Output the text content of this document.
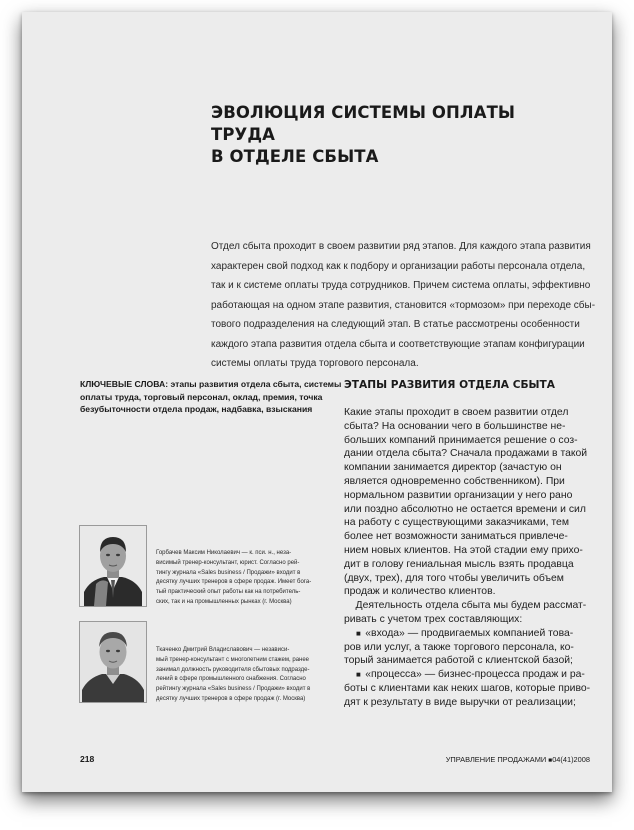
ЭВОЛЮЦИЯ СИСТЕМЫ ОПЛАТЫ ТРУДА
В ОТДЕЛЕ СБЫТА
Отдел сбыта проходит в своем развитии ряд этапов. Для каждого этапа развития
характерен свой подход как к подбору и организации работы персонала отдела,
так и к системе оплаты труда сотрудников. Причем система оплаты, эффективно
работающая на одном этапе развития, становится «тормозом» при переходе сбы-
тового подразделения на следующий этап. В статье рассмотрены особенности
каждого этапа развития отдела сбыта и соответствующие этапам конфигурации
системы оплаты труда торгового персонала.
КЛЮЧЕВЫЕ СЛОВА: этапы развития отдела сбыта, системы
оплаты труда, торговый персонал, оклад, премия, точка
безубыточности отдела продаж, надбавка, взыскания
ЭТАПЫ РАЗВИТИЯ ОТДЕЛА СБЫТА
Какие этапы проходит в своем развитии отдел
сбыта? На основании чего в большинстве не-
больших компаний принимается решение о соз-
дании отдела сбыта? Сначала продажами в такой
компании занимается директор (зачастую он
является одновременно собственником). При
нормальном развитии организации у него рано
или поздно абсолютно не остается времени и сил
на работу с существующими заказчиками, тем
более нет возможности заниматься привлече-
нием новых клиентов. На этой стадии ему прихо-
дит в голову гениальная мысль взять продавца
(двух, трех), для того чтобы увеличить объем
продаж и количество клиентов.
Деятельность отдела сбыта мы будем рассмат-
ривать с учетом трех составляющих:
■  «входа» — продвигаемых компанией това-
ров или услуг, а также торгового персонала, ко-
торый занимается работой с клиентской базой;
■  «процесса» — бизнес-процесса продаж и ра-
боты с клиентами как неких шагов, которые приво-
дят к результату в виде выручки от реализации;
Горбачев Максим Николаевич — к. пси. н., неза-
висимый тренер-консультант, юрист. Согласно рей-
тингу журнала «Sales business / Продажи» входит в
десятку лучших тренеров в сфере продаж. Имеет бога-
тый практический опыт работы как на потребитель-
ских, так и на промышленных рынках (г. Москва)
Ткаченко Дмитрий Владиславович — независи-
мый тренер-консультант с многолетним стажем, ранее
занимал должность руководителя сбытовых подразде-
лений в сфере промышленного снабжения. Согласно
рейтингу журнала «Sales business / Продажи» входит в
десятку лучших тренеров в сфере продаж (г. Москва)
218	УПРАВЛЕНИЕ ПРОДАЖАМИ ■04(41)2008
